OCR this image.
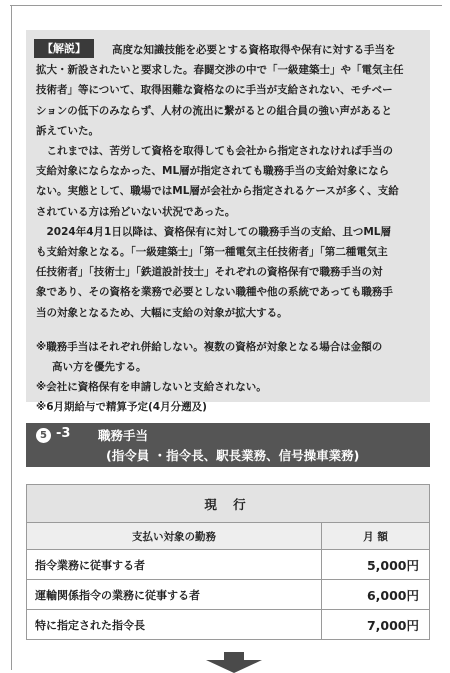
【解説】	高度な知識技能を必要とする資格取得や保有に対する手当を

拡大・新設されたいと要求した。春闘交渉の中で「一級建築士」や「電気主任

技術者」等について、取得困難な資格なのに手当が支給されない、モチベー

ションの低下のみならず、人材の流出に繋がるとの組合員の強い声があると

訴えていた。

これまでは、苦労して資格を取得しても会社から指定されなければ手当の

支給対象にならなかった、ML層が指定されても職務手当の支給対象になら

ない。実態として、職場ではML層が会社から指定されるケースが多く、支給

されている方は殆どいない状況であった。

2024年4月1日以降は、資格保有に対しての職務手当の支給、且つML層

も支給対象となる。「一級建築士」「第一種電気主任技術者」「第二種電気主

任技術者」「技術士」「鉄道設計技士」それぞれの資格保有で職務手当の対

象であり、その資格を業務で必要としない職種や他の系統であっても職務手

当の対象となるため、大幅に支給の対象が拡大する。

※職務手当はそれぞれ併給しない。複数の資格が対象となる場合は金額の

高い方を優先する。

※会社に資格保有を申請しないと支給されない。

※6月期給与で精算予定(4月分遡及)

5 -3 職務手当
(指令員 ・指令長、駅長業務、信号操車業務)
現 行	
支払い対象の勤務	月 額
指令業務に従事する者	5,000円
運輸関係指令の業務に従事する者	6,000円
特に指定された指令長	7,000円
